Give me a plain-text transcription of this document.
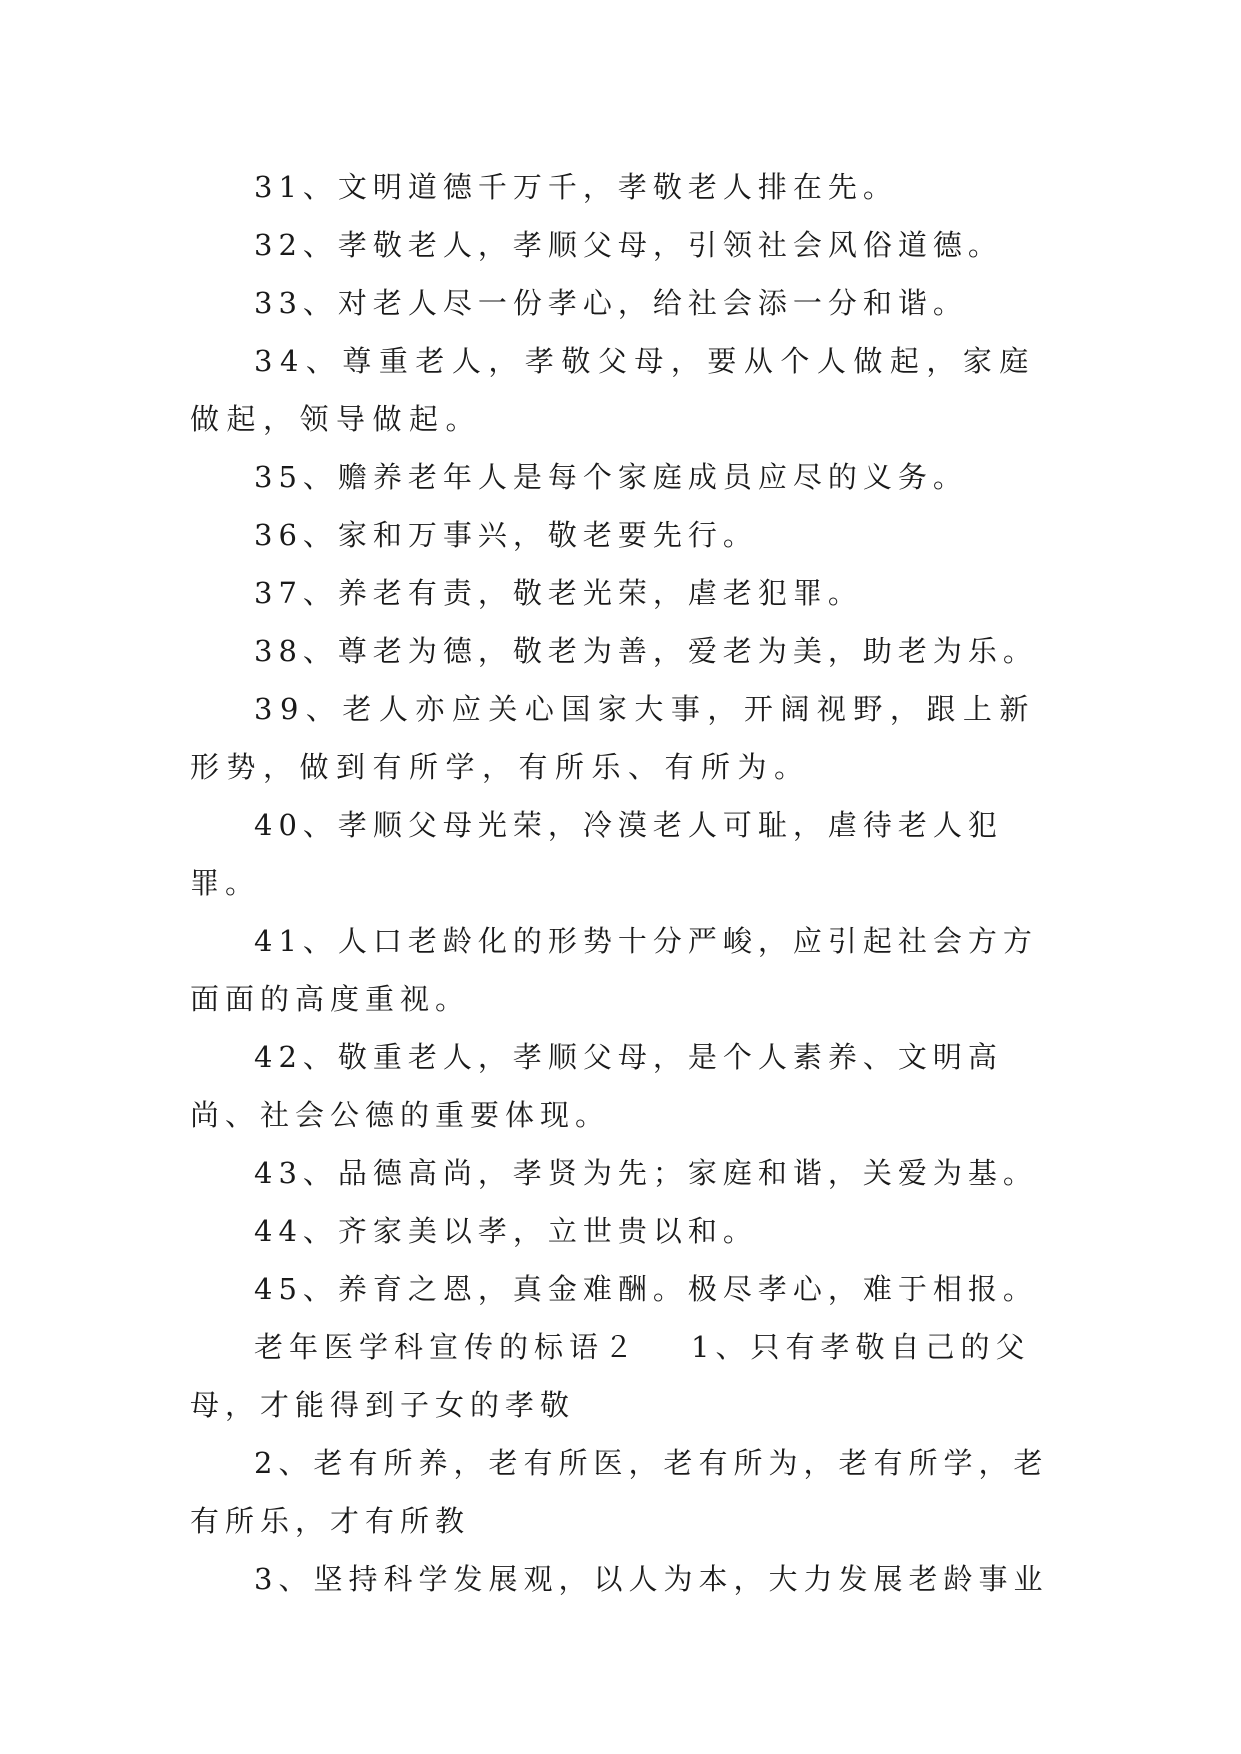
31、文明道德千万千，孝敬老人排在先。

32、孝敬老人，孝顺父母，引领社会风俗道德。

33、对老人尽一份孝心，给社会添一分和谐。

34、尊重老人，孝敬父母，要从个人做起，家庭做起，领导做起。

35、赡养老年人是每个家庭成员应尽的义务。

36、家和万事兴，敬老要先行。

37、养老有责，敬老光荣，虐老犯罪。

38、尊老为德，敬老为善，爱老为美，助老为乐。

39、老人亦应关心国家大事，开阔视野，跟上新形势，做到有所学，有所乐、有所为。

40、孝顺父母光荣，冷漠老人可耻，虐待老人犯罪。

41、人口老龄化的形势十分严峻，应引起社会方方面面的高度重视。

42、敬重老人，孝顺父母，是个人素养、文明高尚、社会公德的重要体现。

43、品德高尚，孝贤为先；家庭和谐，关爱为基。

44、齐家美以孝，立世贵以和。

45、养育之恩，真金难酬。极尽孝心，难于相报。

老年医学科宣传的标语２ 1、只有孝敬自己的父母，才能得到子女的孝敬

2、老有所养，老有所医，老有所为，老有所学，老有所乐，才有所教

3、坚持科学发展观，以人为本，大力发展老龄事业
